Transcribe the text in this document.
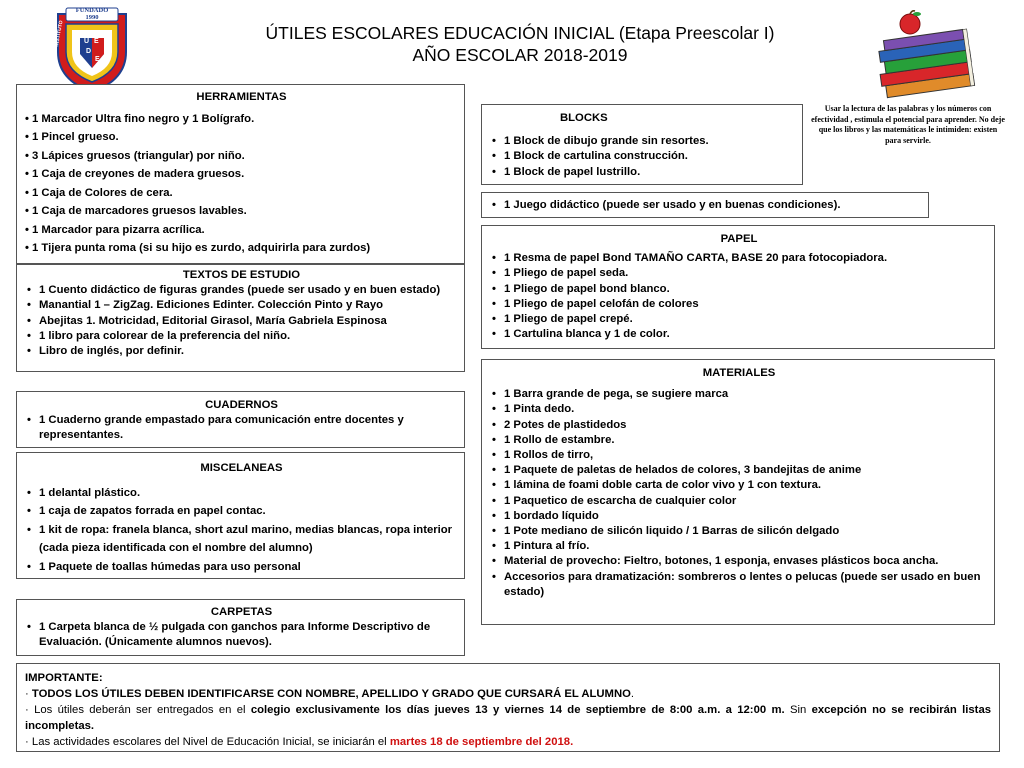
FUNDADO
1990
U E
D
E
INSTITUTO	ÚTILES ESCOLARES EDUCACIÓN INICIAL (Etapa Preescolar I)
AÑO ESCOLAR 2018-2019
Usar la lectura de las palabras y los números con efectividad , estimula el potencial para aprender. No deje que los libros y las matemáticas le intimiden: existen para servirle.
HERRAMIENTAS
• 1 Marcador Ultra fino negro y 1 Bolígrafo.
• 1 Pincel grueso.
• 3 Lápices gruesos (triangular) por niño.
• 1 Caja de creyones de madera gruesos.
• 1 Caja de Colores de cera.
• 1 Caja de marcadores gruesos lavables.
• 1 Marcador para pizarra acrílica.
• 1 Tijera punta roma (si su hijo es zurdo, adquirirla para zurdos)
TEXTOS DE ESTUDIO
• 1 Cuento didáctico de figuras grandes (puede ser usado y en buen estado)
• Manantial 1 – ZigZag. Ediciones Edinter. Colección Pinto y Rayo
• Abejitas 1. Motricidad, Editorial Girasol, María Gabriela Espinosa
• 1 libro para colorear de la preferencia del niño.
• Libro de inglés, por definir.
CUADERNOS
• 1 Cuaderno grande empastado para comunicación entre docentes y representantes.
MISCELANEAS
• 1 delantal plástico.
• 1 caja de zapatos forrada en papel contac.
• 1 kit de ropa: franela blanca, short azul marino, medias blancas, ropa interior (cada pieza identificada con el nombre del alumno)
• 1 Paquete de toallas húmedas para uso personal
CARPETAS
• 1 Carpeta blanca de ½ pulgada con ganchos para Informe Descriptivo de Evaluación. (Únicamente alumnos nuevos).
BLOCKS
• 1 Block de dibujo grande sin resortes.
• 1 Block de cartulina construcción.
• 1 Block de papel lustrillo.
• 1 Juego didáctico (puede ser usado y en buenas condiciones).
PAPEL
• 1 Resma de papel Bond TAMAÑO CARTA, BASE 20 para fotocopiadora.
• 1 Pliego de papel seda.
• 1 Pliego de papel bond blanco.
• 1 Pliego de papel celofán de colores
• 1 Pliego de papel crepé.
• 1 Cartulina blanca y 1 de color.
MATERIALES
• 1 Barra grande de pega, se sugiere marca
• 1 Pinta dedo.
• 2 Potes de plastidedos
• 1 Rollo de estambre.
• 1 Rollos de tirro,
• 1 Paquete de paletas de helados de colores, 3 bandejitas de anime
• 1 lámina de foami doble carta de color vivo y 1 con textura.
• 1 Paquetico de escarcha de cualquier color
• 1 bordado líquido
• 1 Pote mediano de silicón liquido / 1 Barras de silicón delgado
• 1 Pintura al frío.
• Material de provecho: Fieltro, botones, 1 esponja, envases plásticos boca ancha.
• Accesorios para dramatización: sombreros o lentes o pelucas (puede ser usado en buen estado)
IMPORTANTE:
· TODOS LOS ÚTILES DEBEN IDENTIFICARSE CON NOMBRE, APELLIDO Y GRADO QUE CURSARÁ EL ALUMNO.
· Los útiles deberán ser entregados en el colegio exclusivamente los días jueves 13 y viernes 14 de septiembre de 8:00 a.m. a 12:00 m. Sin excepción no se recibirán listas incompletas.
· Las actividades escolares del Nivel de Educación Inicial, se iniciarán el martes 18 de septiembre del 2018.
